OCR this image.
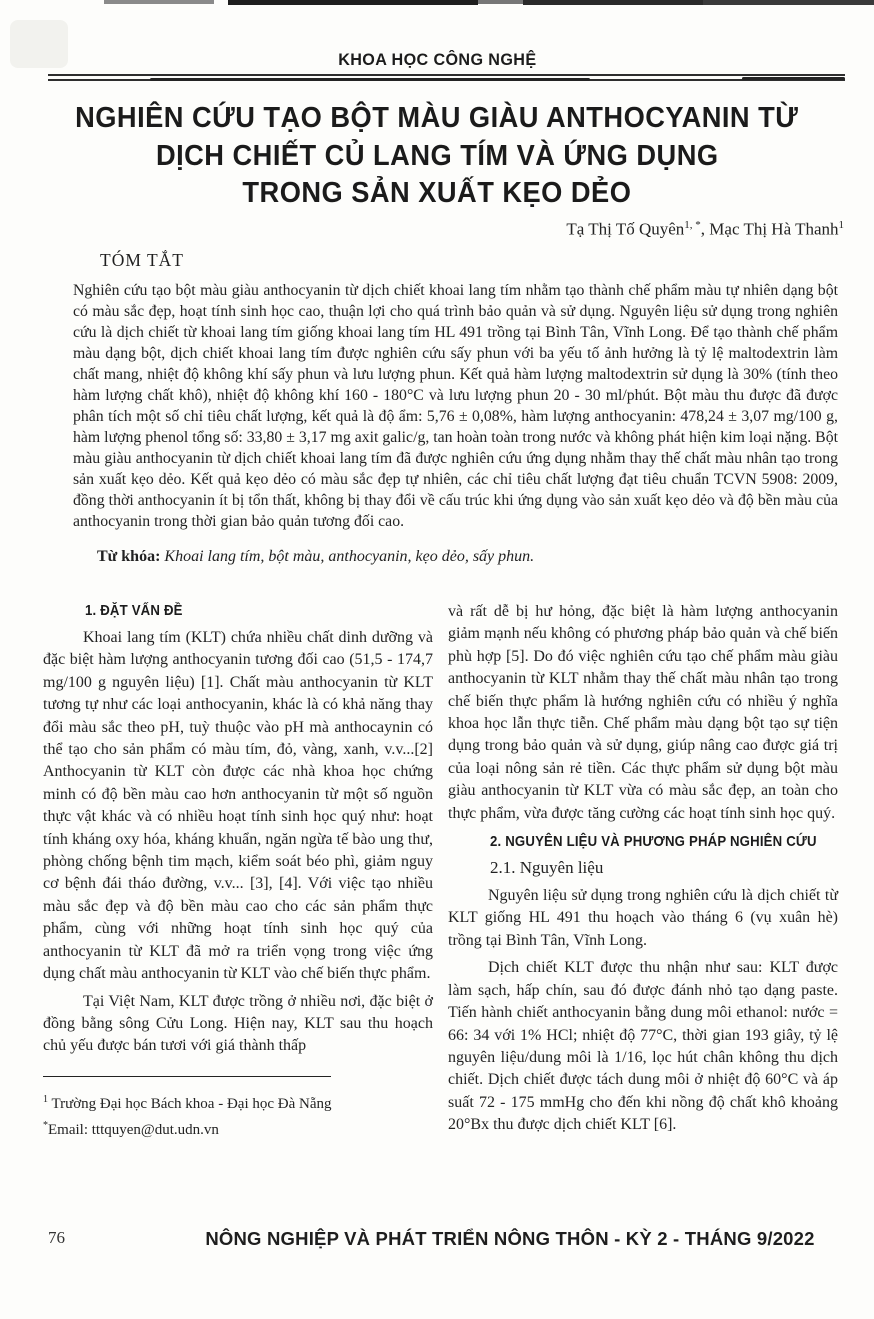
KHOA HỌC CÔNG NGHỆ
NGHIÊN CỨU TẠO BỘT MÀU GIÀU ANTHOCYANIN TỪ
DỊCH CHIẾT CỦ LANG TÍM VÀ ỨNG DỤNG
TRONG SẢN XUẤT KẸO DẺO
Tạ Thị Tố Quyên$^{1, *}$, Mạc Thị Hà Thanh$^1$
TÓM TẮT
Nghiên cứu tạo bột màu giàu anthocyanin từ dịch chiết khoai lang tím nhằm tạo thành chế phẩm màu tự nhiên dạng bột có màu sắc đẹp, hoạt tính sinh học cao, thuận lợi cho quá trình bảo quản và sử dụng. Nguyên liệu sử dụng trong nghiên cứu là dịch chiết từ khoai lang tím giống khoai lang tím HL 491 trồng tại Bình Tân, Vĩnh Long. Để tạo thành chế phẩm màu dạng bột, dịch chiết khoai lang tím được nghiên cứu sấy phun với ba yếu tố ảnh hưởng là tỷ lệ maltodextrin làm chất mang, nhiệt độ không khí sấy phun và lưu lượng phun. Kết quả hàm lượng maltodextrin sử dụng là 30% (tính theo hàm lượng chất khô), nhiệt độ không khí 160 - 180°C và lưu lượng phun 20 - 30 ml/phút. Bột màu thu được đã được phân tích một số chỉ tiêu chất lượng, kết quả là độ ẩm: 5,76 ± 0,08%, hàm lượng anthocyanin: 478,24 ± 3,07 mg/100 g, hàm lượng phenol tổng số: 33,80 ± 3,17 mg axit galic/g, tan hoàn toàn trong nước và không phát hiện kim loại nặng. Bột màu giàu anthocyanin từ dịch chiết khoai lang tím đã được nghiên cứu ứng dụng nhằm thay thế chất màu nhân tạo trong sản xuất kẹo dẻo. Kết quả kẹo dẻo có màu sắc đẹp tự nhiên, các chỉ tiêu chất lượng đạt tiêu chuẩn TCVN 5908: 2009, đồng thời anthocyanin ít bị tổn thất, không bị thay đổi về cấu trúc khi ứng dụng vào sản xuất kẹo dẻo và độ bền màu của anthocyanin trong thời gian bảo quản tương đối cao.
Từ khóa: Khoai lang tím, bột màu, anthocyanin, kẹo dẻo, sấy phun.
1. ĐẶT VẤN ĐỀ

Khoai lang tím (KLT) chứa nhiều chất dinh dưỡng và đặc biệt hàm lượng anthocyanin tương đối cao (51,5 - 174,7 mg/100 g nguyên liệu) [1]. Chất màu anthocyanin từ KLT tương tự như các loại anthocyanin, khác là có khả năng thay đổi màu sắc theo pH, tuỳ thuộc vào pH mà anthocaynin có thể tạo cho sản phẩm có màu tím, đỏ, vàng, xanh, v.v...[2] Anthocyanin từ KLT còn được các nhà khoa học chứng minh có độ bền màu cao hơn anthocyanin từ một số nguồn thực vật khác và có nhiều hoạt tính sinh học quý như: hoạt tính kháng oxy hóa, kháng khuẩn, ngăn ngừa tế bào ung thư, phòng chống bệnh tim mạch, kiểm soát béo phì, giảm nguy cơ bệnh đái tháo đường, v.v... [3], [4]. Với việc tạo nhiều màu sắc đẹp và độ bền màu cao cho các sản phẩm thực phẩm, cùng với những hoạt tính sinh học quý của anthocyanin từ KLT đã mở ra triển vọng trong việc ứng dụng chất màu anthocyanin từ KLT vào chế biến thực phẩm.

Tại Việt Nam, KLT được trồng ở nhiều nơi, đặc biệt ở đồng bằng sông Cửu Long. Hiện nay, KLT sau thu hoạch chủ yếu được bán tươi với giá thành thấp

$^1$ Trường Đại học Bách khoa - Đại học Đà Nẵng

*Email: tttquyen@dut.udn.vn

và rất dễ bị hư hỏng, đặc biệt là hàm lượng anthocyanin giảm mạnh nếu không có phương pháp bảo quản và chế biến phù hợp [5]. Do đó việc nghiên cứu tạo chế phẩm màu giàu anthocyanin từ KLT nhằm thay thế chất màu nhân tạo trong chế biến thực phẩm là hướng nghiên cứu có nhiều ý nghĩa khoa học lẫn thực tiễn. Chế phẩm màu dạng bột tạo sự tiện dụng trong bảo quản và sử dụng, giúp nâng cao được giá trị của loại nông sản rẻ tiền. Các thực phẩm sử dụng bột màu giàu anthocyanin từ KLT vừa có màu sắc đẹp, an toàn cho thực phẩm, vừa được tăng cường các hoạt tính sinh học quý.

2. NGUYÊN LIỆU VÀ PHƯƠNG PHÁP NGHIÊN CỨU
2.1. Nguyên liệu

Nguyên liệu sử dụng trong nghiên cứu là dịch chiết từ KLT giống HL 491 thu hoạch vào tháng 6 (vụ xuân hè) trồng tại Bình Tân, Vĩnh Long.

Dịch chiết KLT được thu nhận như sau: KLT được làm sạch, hấp chín, sau đó được đánh nhỏ tạo dạng paste. Tiến hành chiết anthocyanin bằng dung môi ethanol: nước = 66: 34 với 1% HCl; nhiệt độ 77°C, thời gian 193 giây, tỷ lệ nguyên liệu/dung môi là 1/16, lọc hút chân không thu dịch chiết. Dịch chiết được tách dung môi ở nhiệt độ 60°C và áp suất 72 - 175 mmHg cho đến khi nồng độ chất khô khoảng 20°Bx thu được dịch chiết KLT [6].

76	NÔNG NGHIỆP VÀ PHÁT TRIỂN NÔNG THÔN - KỲ 2 - THÁNG 9/2022
